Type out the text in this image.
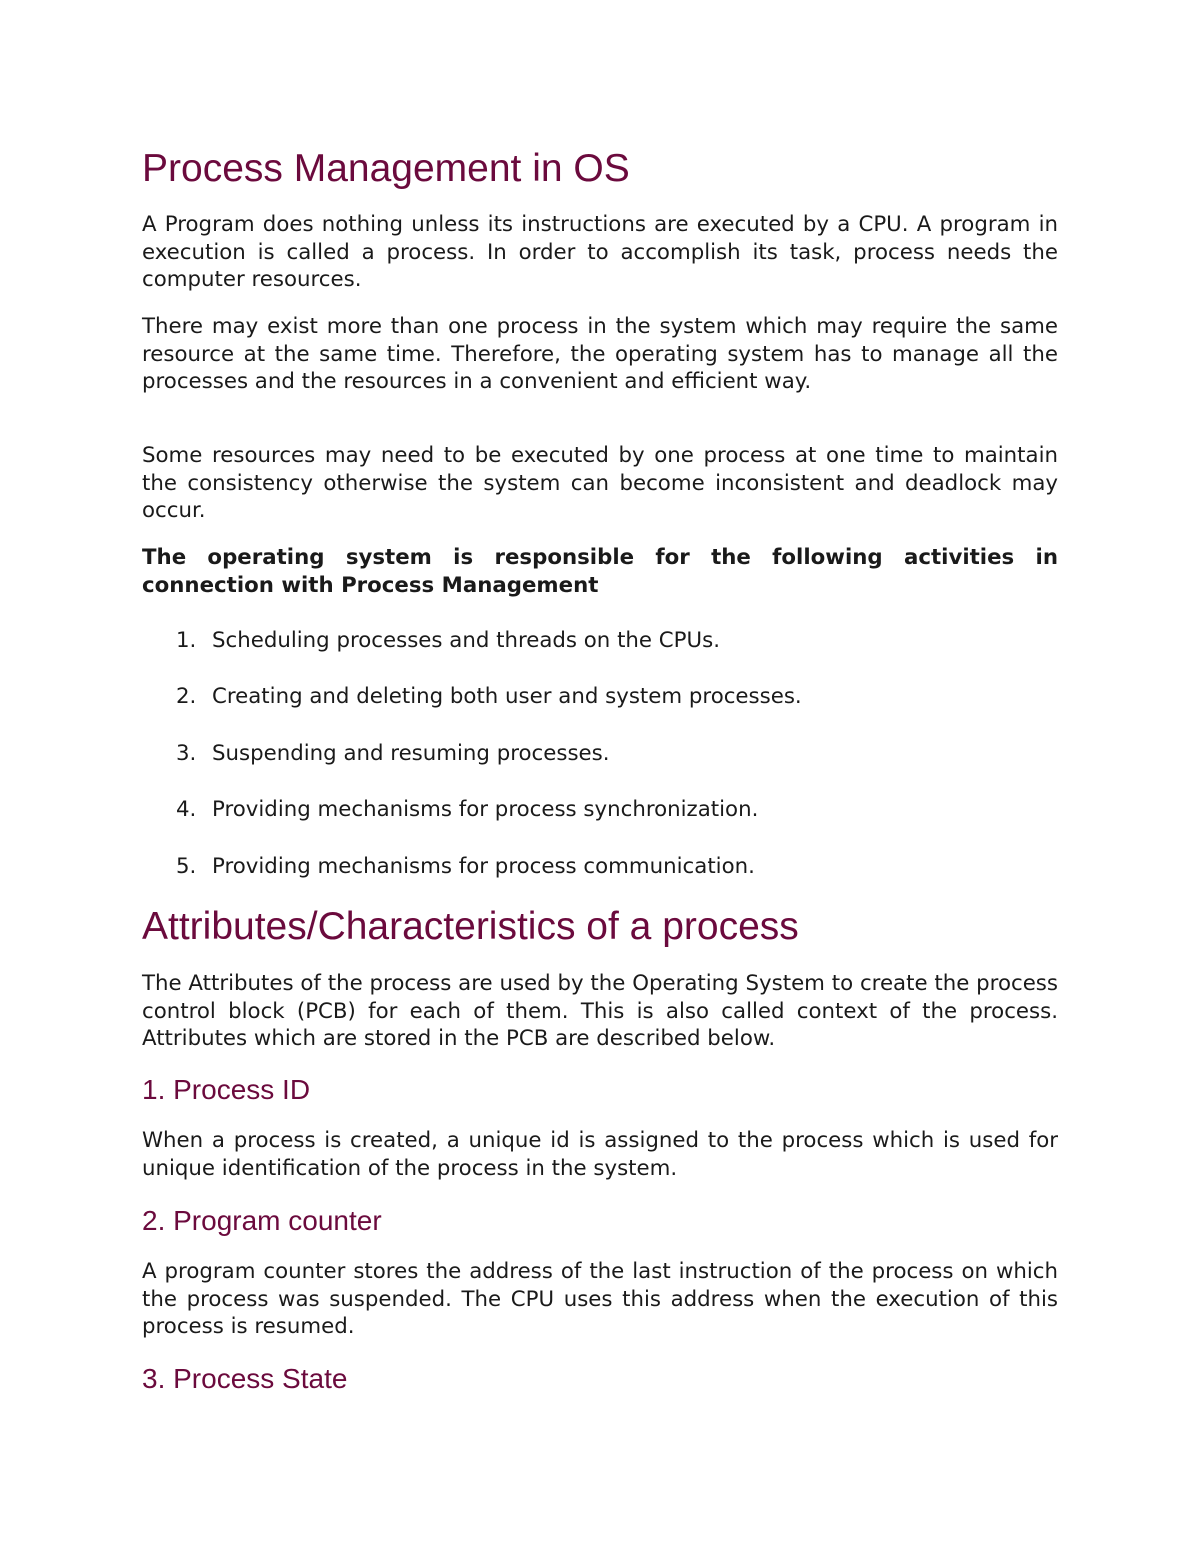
Process Management in OS

A Program does nothing unless its instructions are executed by a CPU. A program in execution is called a process. In order to accomplish its task, process needs the computer resources.

There may exist more than one process in the system which may require the same resource at the same time. Therefore, the operating system has to manage all the processes and the resources in a convenient and efficient way.

Some resources may need to be executed by one process at one time to maintain the consistency otherwise the system can become inconsistent and deadlock may occur.

The operating system is responsible for the following activities in connection with Process Management

1. Scheduling processes and threads on the CPUs.
2. Creating and deleting both user and system processes.
3. Suspending and resuming processes.
4. Providing mechanisms for process synchronization.
5. Providing mechanisms for process communication.
Attributes/Characteristics of a process

The Attributes of the process are used by the Operating System to create the process control block (PCB) for each of them. This is also called context of the process. Attributes which are stored in the PCB are described below.

1. Process ID

When a process is created, a unique id is assigned to the process which is used for unique identification of the process in the system.

2. Program counter

A program counter stores the address of the last instruction of the process on which the process was suspended. The CPU uses this address when the execution of this process is resumed.

3. Process State
